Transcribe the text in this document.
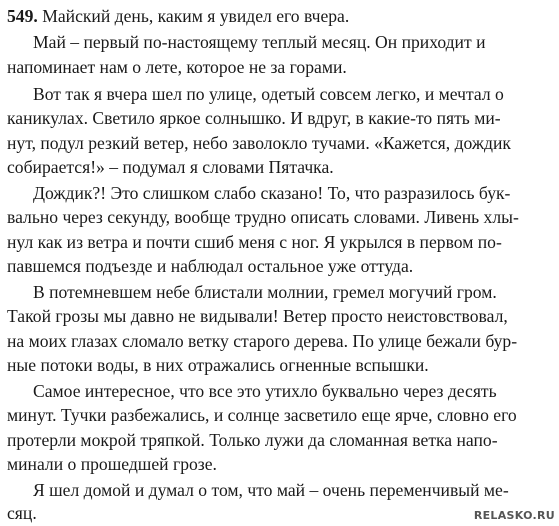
549. Майский день, каким я увидел его вчера.
Май – первый по-настоящему теплый месяц. Он приходит и
напоминает нам о лете, которое не за горами.
Вот так я вчера шел по улице, одетый совсем легко, и мечтал о
каникулах. Светило яркое солнышко. И вдруг, в какие-то пять ми-
нут, подул резкий ветер, небо заволокло тучами. «Кажется, дождик
собирается!» – подумал я словами Пятачка.
Дождик?! Это слишком слабо сказано! То, что разразилось бук-
вально через секунду, вообще трудно описать словами. Ливень хлы-
нул как из ветра и почти сшиб меня с ног. Я укрылся в первом по-
павшемся подъезде и наблюдал остальное уже оттуда.
В потемневшем небе блистали молнии, гремел могучий гром.
Такой грозы мы давно не видывали! Ветер просто неистовствовал,
на моих глазах сломало ветку старого дерева. По улице бежали бур-
ные потоки воды, в них отражались огненные вспышки.
Самое интересное, что все это утихло буквально через десять
минут. Тучки разбежались, и солнце засветило еще ярче, словно его
протерли мокрой тряпкой. Только лужи да сломанная ветка напо-
минали о прошедшей грозе.
Я шел домой и думал о том, что май – очень переменчивый ме-
сяц.	RELASKO.RU
